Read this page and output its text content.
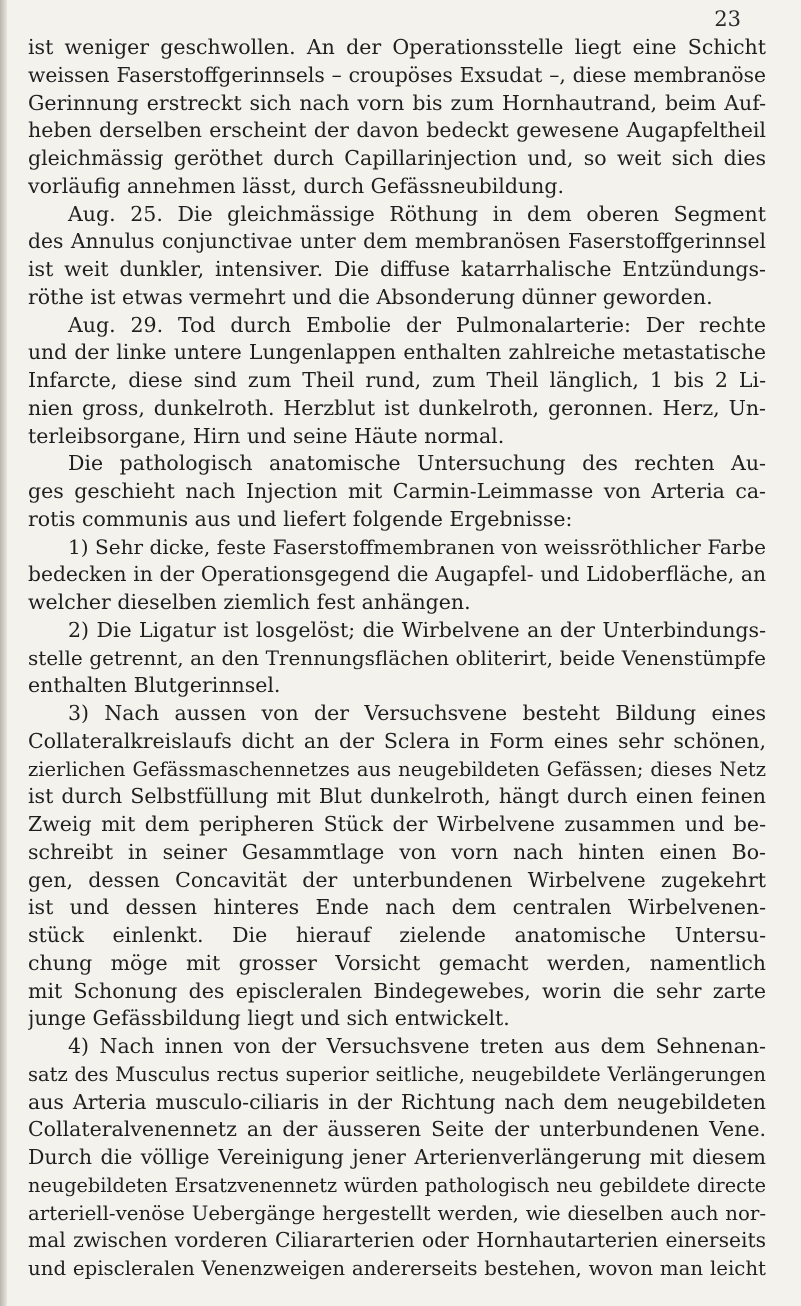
23
ist weniger geschwollen. An der Operationsstelle liegt eine Schicht
weissen Faserstoffgerinnsels – croupöses Exsudat –, diese membranöse
Gerinnung erstreckt sich nach vorn bis zum Hornhautrand, beim Auf-
heben derselben erscheint der davon bedeckt gewesene Augapfeltheil
gleichmässig geröthet durch Capillarinjection und, so weit sich dies
vorläufig annehmen lässt, durch Gefässneubildung.
Aug. 25. Die gleichmässige Röthung in dem oberen Segment
des Annulus conjunctivae unter dem membranösen Faserstoffgerinnsel
ist weit dunkler, intensiver. Die diffuse katarrhalische Entzündungs-
röthe ist etwas vermehrt und die Absonderung dünner geworden.
Aug. 29. Tod durch Embolie der Pulmonalarterie: Der rechte
und der linke untere Lungenlappen enthalten zahlreiche metastatische
Infarcte, diese sind zum Theil rund, zum Theil länglich, 1 bis 2 Li-
nien gross, dunkelroth. Herzblut ist dunkelroth, geronnen. Herz, Un-
terleibsorgane, Hirn und seine Häute normal.
Die pathologisch anatomische Untersuchung des rechten Au-
ges geschieht nach Injection mit Carmin-Leimmasse von Arteria ca-
rotis communis aus und liefert folgende Ergebnisse:
1) Sehr dicke, feste Faserstoffmembranen von weissröthlicher Farbe
bedecken in der Operationsgegend die Augapfel- und Lidoberfläche, an
welcher dieselben ziemlich fest anhängen.
2) Die Ligatur ist losgelöst; die Wirbelvene an der Unterbindungs-
stelle getrennt, an den Trennungsflächen obliterirt, beide Venenstümpfe
enthalten Blutgerinnsel.
3) Nach aussen von der Versuchsvene besteht Bildung eines
Collateralkreislaufs dicht an der Sclera in Form eines sehr schönen,
zierlichen Gefässmaschennetzes aus neugebildeten Gefässen; dieses Netz
ist durch Selbstfüllung mit Blut dunkelroth, hängt durch einen feinen
Zweig mit dem peripheren Stück der Wirbelvene zusammen und be-
schreibt in seiner Gesammtlage von vorn nach hinten einen Bo-
gen, dessen Concavität der unterbundenen Wirbelvene zugekehrt
ist und dessen hinteres Ende nach dem centralen Wirbelvenen-
stück einlenkt. Die hierauf zielende anatomische Untersu-
chung möge mit grosser Vorsicht gemacht werden, namentlich
mit Schonung des episcleralen Bindegewebes, worin die sehr zarte
junge Gefässbildung liegt und sich entwickelt.
4) Nach innen von der Versuchsvene treten aus dem Sehnenan-
satz des Musculus rectus superior seitliche, neugebildete Verlängerungen
aus Arteria musculo-ciliaris in der Richtung nach dem neugebildeten
Collateralvenennetz an der äusseren Seite der unterbundenen Vene.
Durch die völlige Vereinigung jener Arterienverlängerung mit diesem
neugebildeten Ersatzvenennetz würden pathologisch neu gebildete directe
arteriell-venöse Uebergänge hergestellt werden, wie dieselben auch nor-
mal zwischen vorderen Ciliararterien oder Hornhautarterien einerseits
und episcleralen Venenzweigen andererseits bestehen, wovon man leicht
